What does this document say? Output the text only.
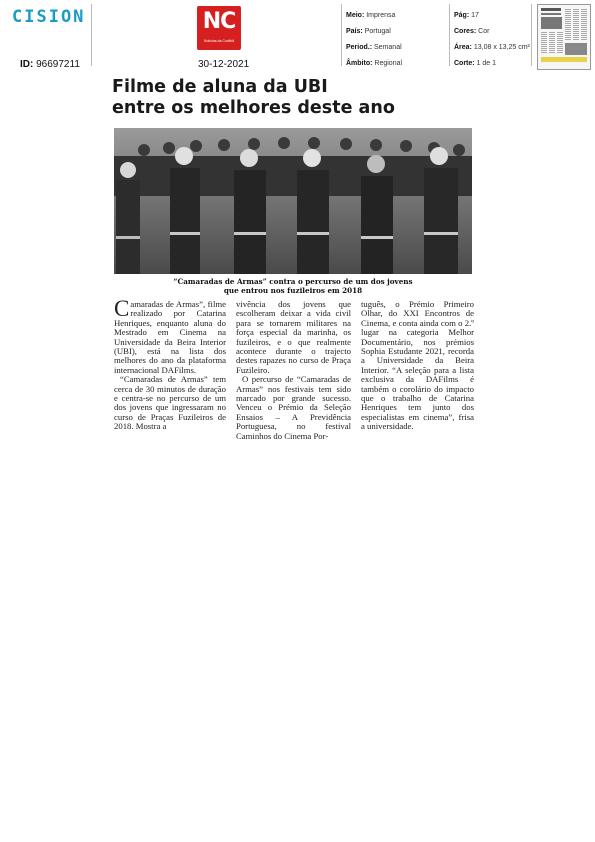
CISION
ID: 96697211
NC
Notícias da Covilhã
30-12-2021
Meio: Imprensa
País: Portugal
Period.: Semanal
Âmbito: Regional
Pág: 17
Cores: Cor
Área: 13,08 x 13,25 cm²
Corte: 1 de 1
Filme de aluna da UBI
entre os melhores deste ano
“Camaradas de Armas” contra o percurso de um dos jovens
que entrou nos fuzileiros em 2018

Camaradas de Armas”, filme realizado por Catarina Henriques, enquanto aluna do Mestrado em Cinema na Universidade da Beira Interior (UBI), está na lista dos melhores do ano da plataforma internacional DAFilms.

“Camaradas de Armas” tem cerca de 30 minutos de duração e centra-se no percurso de um dos jovens que ingressaram no curso de Praças Fuzileiros de 2018. Mostra a

vivência dos jovens que escolheram deixar a vida civil para se tornarem militares na força especial da marinha, os fuzileiros, e o que realmente acontece durante o trajecto destes rapazes no curso de Praça Fuzileiro.

O percurso de “Camaradas de Armas” nos festivais tem sido marcado por grande sucesso. Venceu o Prémio da Seleção Ensaios – A Previdência Portuguesa, no festival Caminhos do Cinema Por-

tuguês, o Prémio Primeiro Olhar, do XXI Encontros de Cinema, e conta ainda com o 2.º lugar na categoria Melhor Documentário, nos prémios Sophia Estudante 2021, recorda a Universidade da Beira Interior. “A seleção para a lista exclusiva da DAFilms é também o corolário do impacto que o trabalho de Catarina Henriques tem junto dos especialistas em cinema”, frisa a universidade.
